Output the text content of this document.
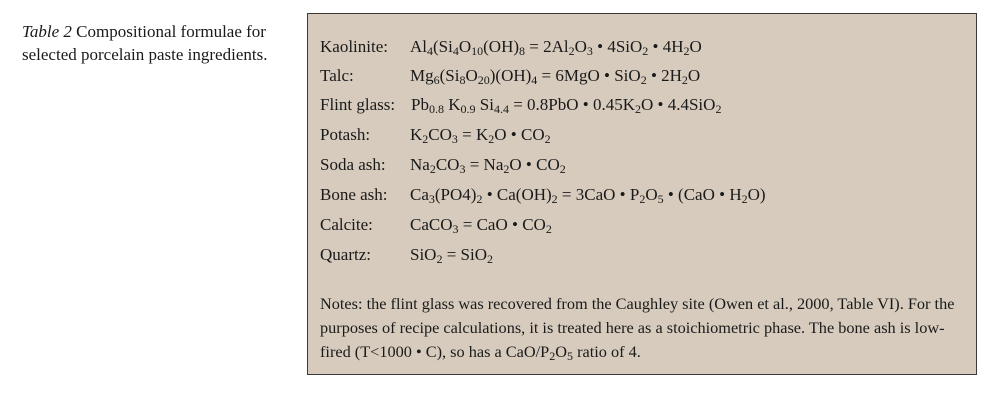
Table 2 Compositional formulae for selected porcelain paste ingredients.	Kaolinite: $Al_4(Si_4O_{10}(OH)_8 = 2Al_2O_3$ • 4SiO$_2$ • $4H_2O$
Talc:	$Mg_6(Si_8O_{20})(OH)_4 = 6MgO$ • SiO$_2$ • $2H_2O$
Flint glass: $Pb_{0.8}$ $K_{0.9}$ $Si_{4.4} = 0.8PbO$ • $0.45K_2O$ • 4.4SiO$_2$
Potash: $K_2CO_3 = K_2O$ • $CO_2$
Soda ash: $Na_2CO_3 = Na_2O$ • $CO_2$
Bone ash: $Ca_3(PO4)_2$ • $Ca(OH)_2 = 3CaO$ • $P_2O_5$ • (CaO • $H_2O$)
Calcite: CaCO$_3$ = CaO • $CO_2$
Quartz: SiO$_2$ = SiO$_2$
Notes: the flint glass was recovered from the Caughley site (Owen et al., 2000, Table VI). For the purposes of recipe calculations, it is treated here as a stoichiometric phase. The bone ash is low-fired (T<1000 • C), so has a CaO/$P_2O_5$ ratio of 4.
